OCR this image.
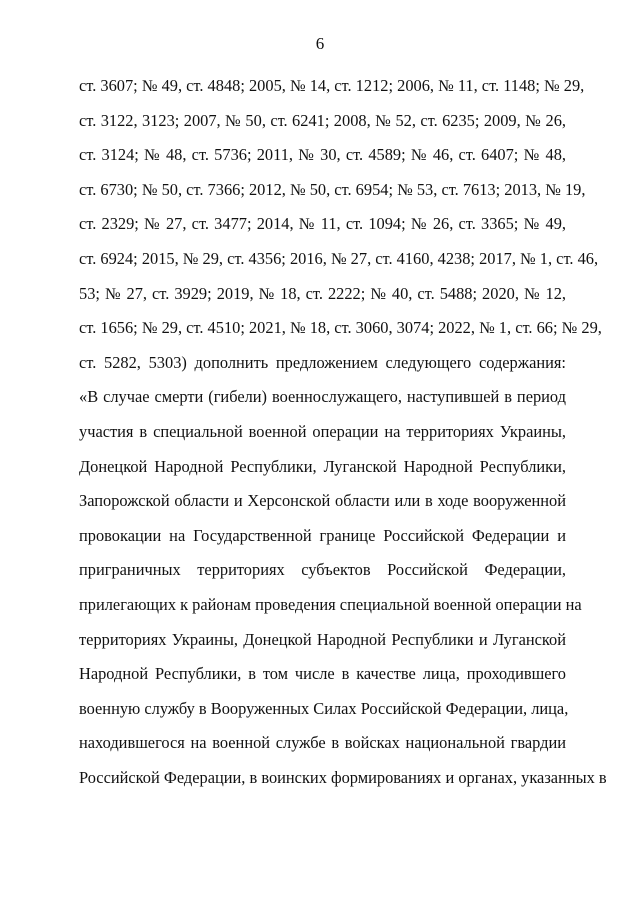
6
ст. 3607; № 49, ст. 4848; 2005, № 14, ст. 1212; 2006, № 11, ст. 1148; № 29,
ст. 3122, 3123; 2007, № 50, ст. 6241; 2008, № 52, ст. 6235; 2009, № 26,
ст. 3124; № 48, ст. 5736; 2011, № 30, ст. 4589; № 46, ст. 6407; № 48,
ст. 6730; № 50, ст. 7366; 2012, № 50, ст. 6954; № 53, ст. 7613; 2013, № 19,
ст. 2329; № 27, ст. 3477; 2014, № 11, ст. 1094; № 26, ст. 3365; № 49,
ст. 6924; 2015, № 29, ст. 4356; 2016, № 27, ст. 4160, 4238; 2017, № 1, ст. 46,
53; № 27, ст. 3929; 2019, № 18, ст. 2222; № 40, ст. 5488; 2020, № 12,
ст. 1656; № 29, ст. 4510; 2021, № 18, ст. 3060, 3074; 2022, № 1, ст. 66; № 29,
ст. 5282, 5303) дополнить предложением следующего содержания:
«В случае смерти (гибели) военнослужащего, наступившей в период
участия в специальной военной операции на территориях Украины,
Донецкой Народной Республики, Луганской Народной Республики,
Запорожской области и Херсонской области или в ходе вооруженной
провокации на Государственной границе Российской Федерации и
приграничных территориях субъектов Российской Федерации,
прилегающих к районам проведения специальной военной операции на
территориях Украины, Донецкой Народной Республики и Луганской
Народной Республики, в том числе в качестве лица, проходившего
военную службу в Вооруженных Силах Российской Федерации, лица,
находившегося на военной службе в войсках национальной гвардии
Российской Федерации, в воинских формированиях и органах, указанных в
